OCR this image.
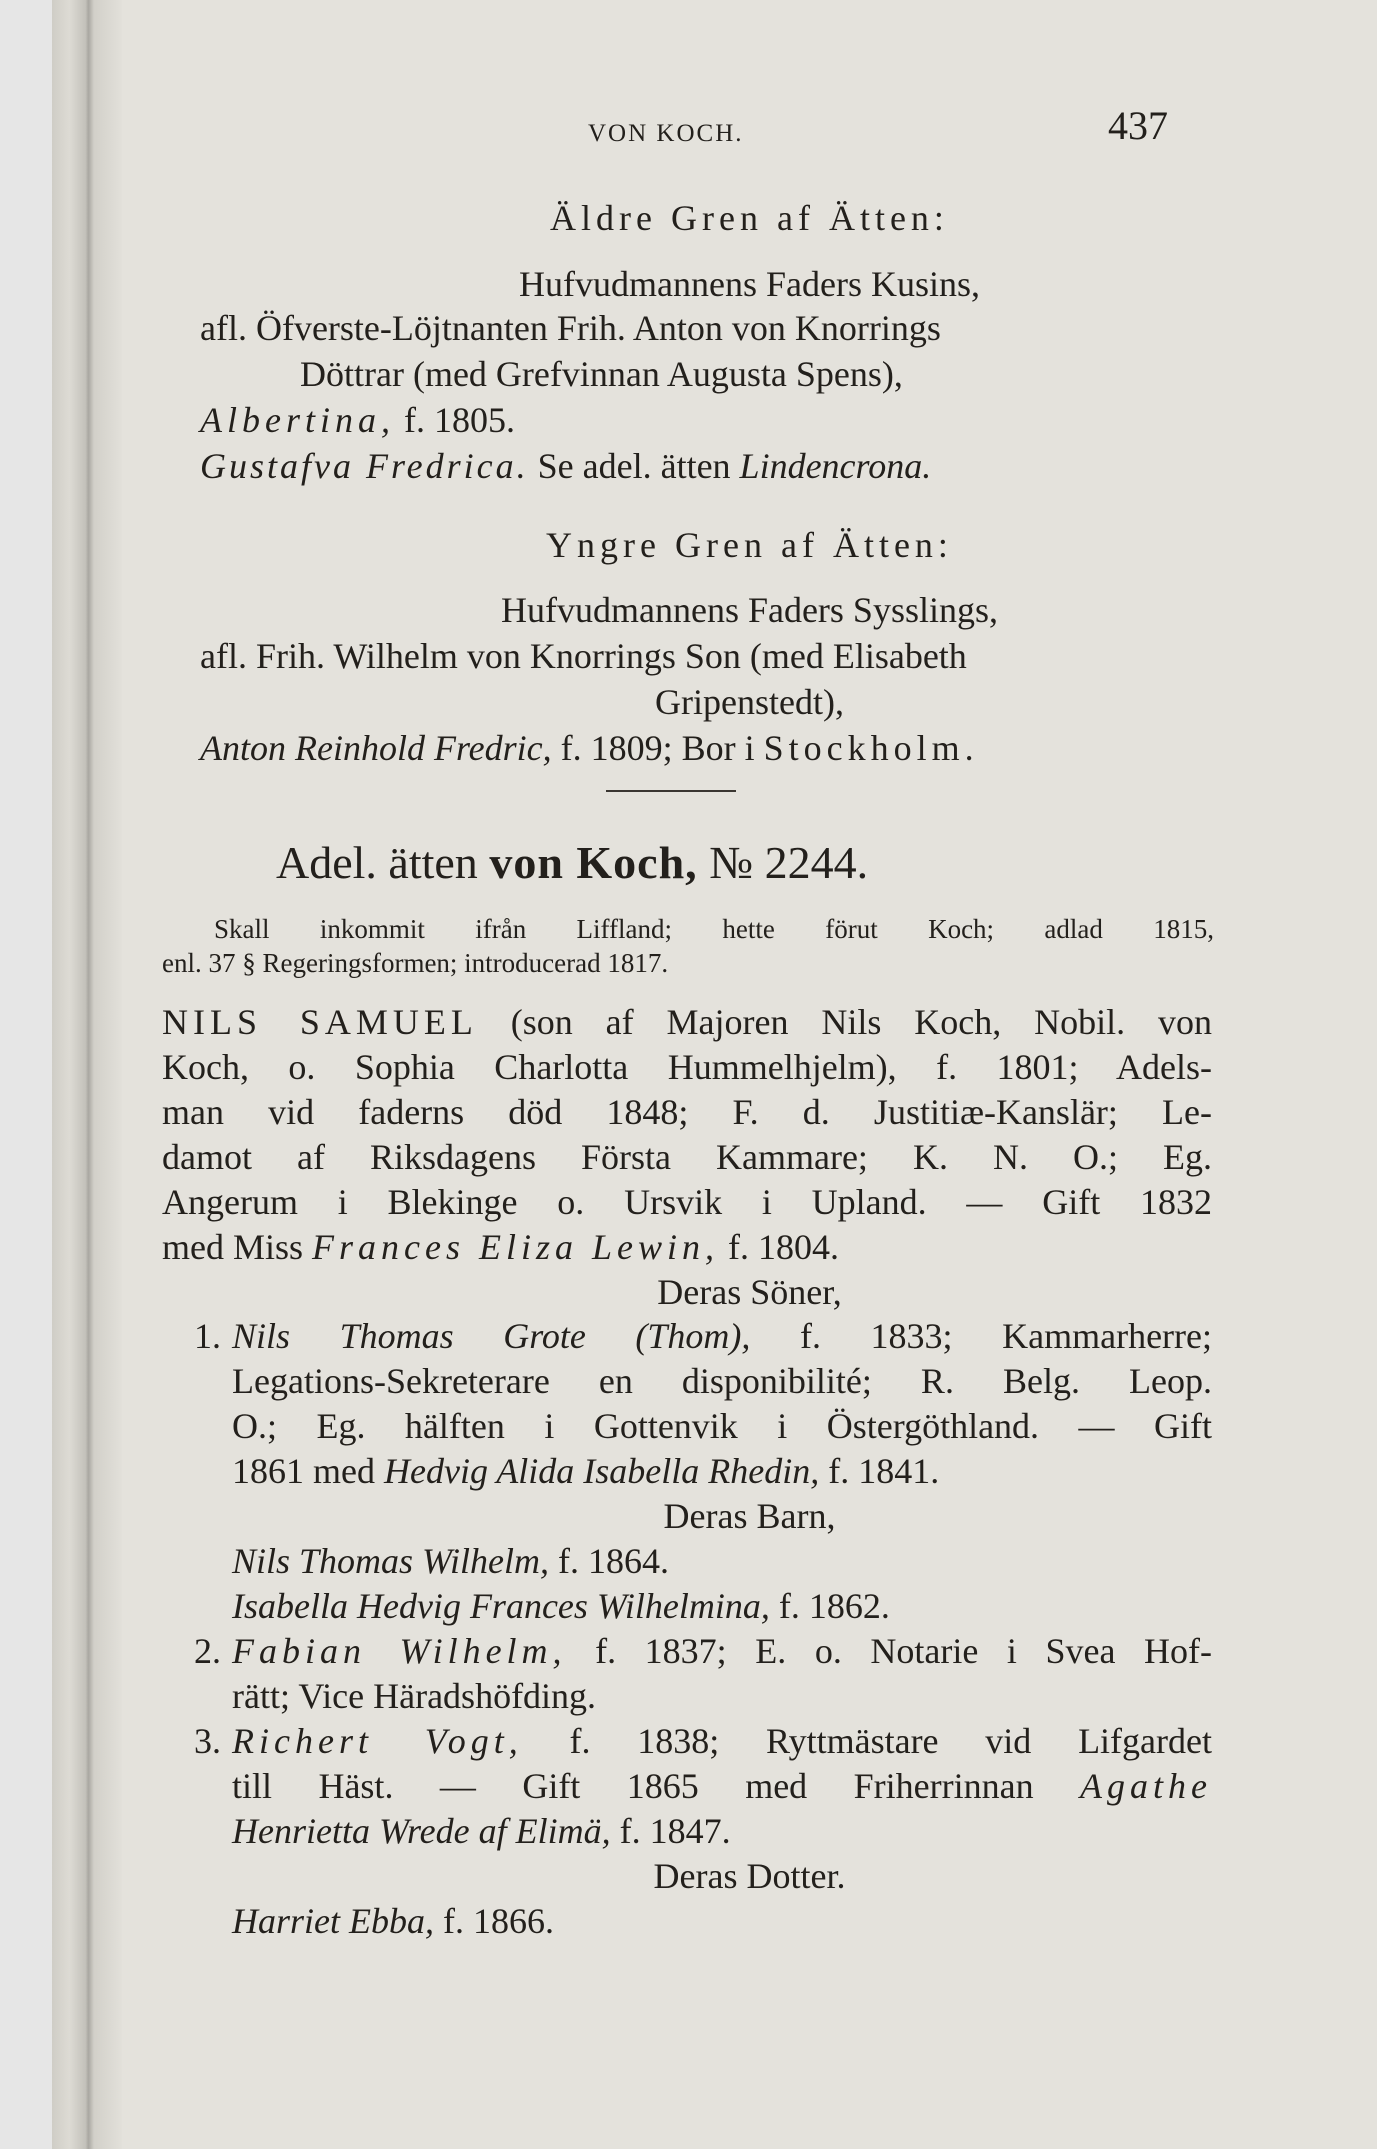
VON KOCH.	437
Äldre Gren af Ätten:
Hufvudmannens Faders Kusins,
afl. Öfverste-Löjtnanten Frih. Anton von Knorrings
Döttrar (med Grefvinnan Augusta Spens),
Albertina, f. 1805.
Gustafva Fredrica. Se adel. ätten Lindencrona.
Yngre Gren af Ätten:
Hufvudmannens Faders Sysslings,
afl. Frih. Wilhelm von Knorrings Son (med Elisabeth
Gripenstedt),
Anton Reinhold Fredric, f. 1809; Bor i Stockholm.
Adel. ätten von Koch, № 2244.
Skall inkommit ifrån Liffland; hette förut Koch; adlad 1815,
enl. 37 § Regeringsformen; introducerad 1817.
NILS SAMUEL (son af Majoren Nils Koch, Nobil. von
Koch, o. Sophia Charlotta Hummelhjelm), f. 1801; Adels-
man vid faderns död 1848; F. d. Justitiæ-Kanslär; Le-
damot af Riksdagens Första Kammare; K. N. O.; Eg.
Angerum i Blekinge o. Ursvik i Upland. — Gift 1832
med Miss Frances Eliza Lewin, f. 1804.
Deras Söner,
1. Nils Thomas Grote (Thom), f. 1833; Kammarherre;
Legations-Sekreterare en disponibilité; R. Belg. Leop.
O.; Eg. hälften i Gottenvik i Östergöthland. — Gift
1861 med Hedvig Alida Isabella Rhedin, f. 1841.
Deras Barn,
Nils Thomas Wilhelm, f. 1864.
Isabella Hedvig Frances Wilhelmina, f. 1862.
2. Fabian Wilhelm, f. 1837; E. o. Notarie i Svea Hof-
rätt; Vice Häradshöfding.
3. Richert Vogt, f. 1838; Ryttmästare vid Lifgardet
till Häst. — Gift 1865 med Friherrinnan Agathe
Henrietta Wrede af Elimä, f. 1847.
Deras Dotter.
Harriet Ebba, f. 1866.
